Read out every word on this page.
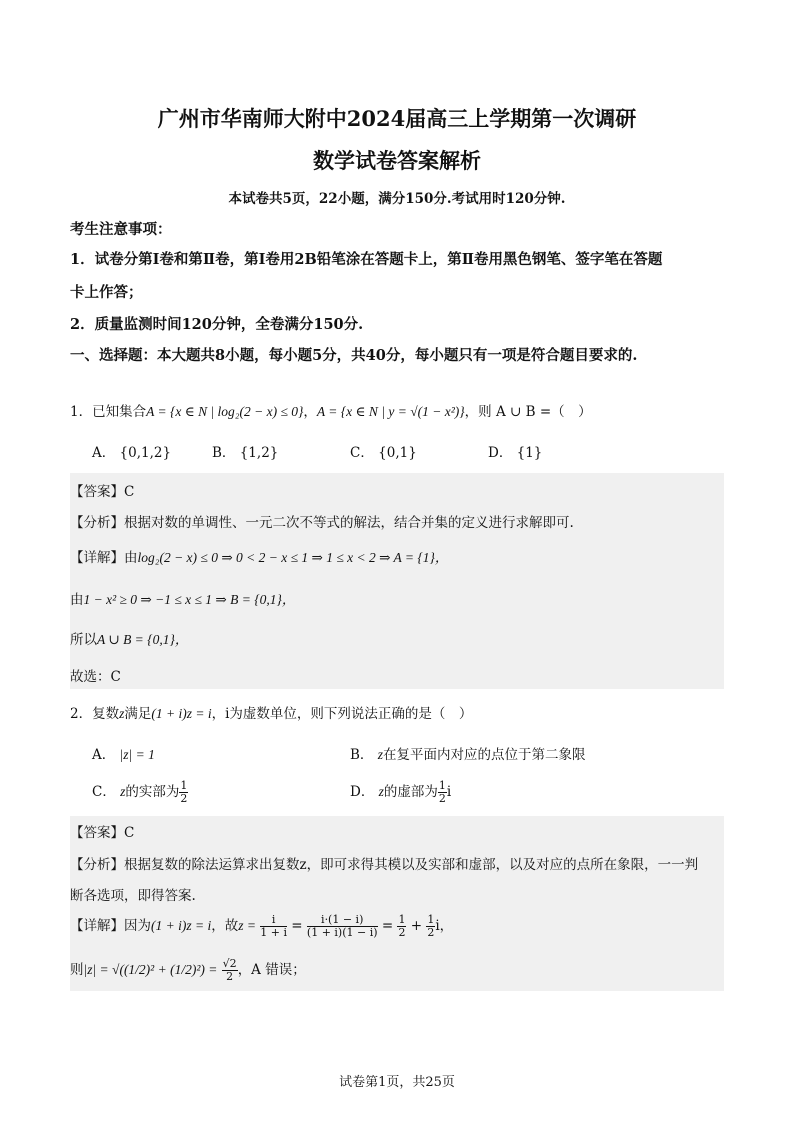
广州市华南师大附中2024届高三上学期第一次调研
数学试卷答案解析
本试卷共5页，22小题，满分150分.考试用时120分钟.
考生注意事项：
1．试卷分第Ⅰ卷和第Ⅱ卷，第Ⅰ卷用2B铅笔涂在答题卡上，第Ⅱ卷用黑色钢笔、签字笔在答题
卡上作答；
2．质量监测时间120分钟，全卷满分150分.
一、选择题：本大题共8小题，每小题5分，共40分，每小题只有一项是符合题目要求的.
1．已知集合A = {x ∈ N | log₂(2 − x) ≤ 0}，A = {x ∈ N | y = √(1 − x²)}，则 A ∪ B =（　）
A． {0,1,2}	B． {1,2}	C． {0,1}	D． {1}
【答案】C
【分析】根据对数的单调性、一元二次不等式的解法，结合并集的定义进行求解即可.
【详解】由log₂(2 − x) ≤ 0 ⇒ 0 < 2 − x ≤ 1 ⇒ 1 ≤ x < 2 ⇒ A = {1}，
由1 − x² ≥ 0 ⇒ −1 ≤ x ≤ 1 ⇒ B = {0,1}，
所以A ∪ B = {0,1}，
故选：C
2．复数z满足(1 + i)z = i，i为虚数单位，则下列说法正确的是（　）
A． |z| = 1	B． z在复平面内对应的点位于第二象限
C． z的实部为 $\frac{1}{2}$	D． z的虚部为 $\frac{1}{2}$ i
【答案】C
【分析】根据复数的除法运算求出复数z，即可求得其模以及实部和虚部，以及对应的点所在象限，一一判
断各选项，即得答案.
【详解】因为(1 + i)z = i，故$z = \frac{i}{1 + i} = \frac{i\cdot(1 - i)}{(1 + i)(1 - i)} = \frac{1}{2} + \frac{1}{2}$ i，
则$|z| = √((1/2)^2 + (1/2)^2) = \frac{√2}{2}$ ，A 错误；
试卷第1页，共25页
